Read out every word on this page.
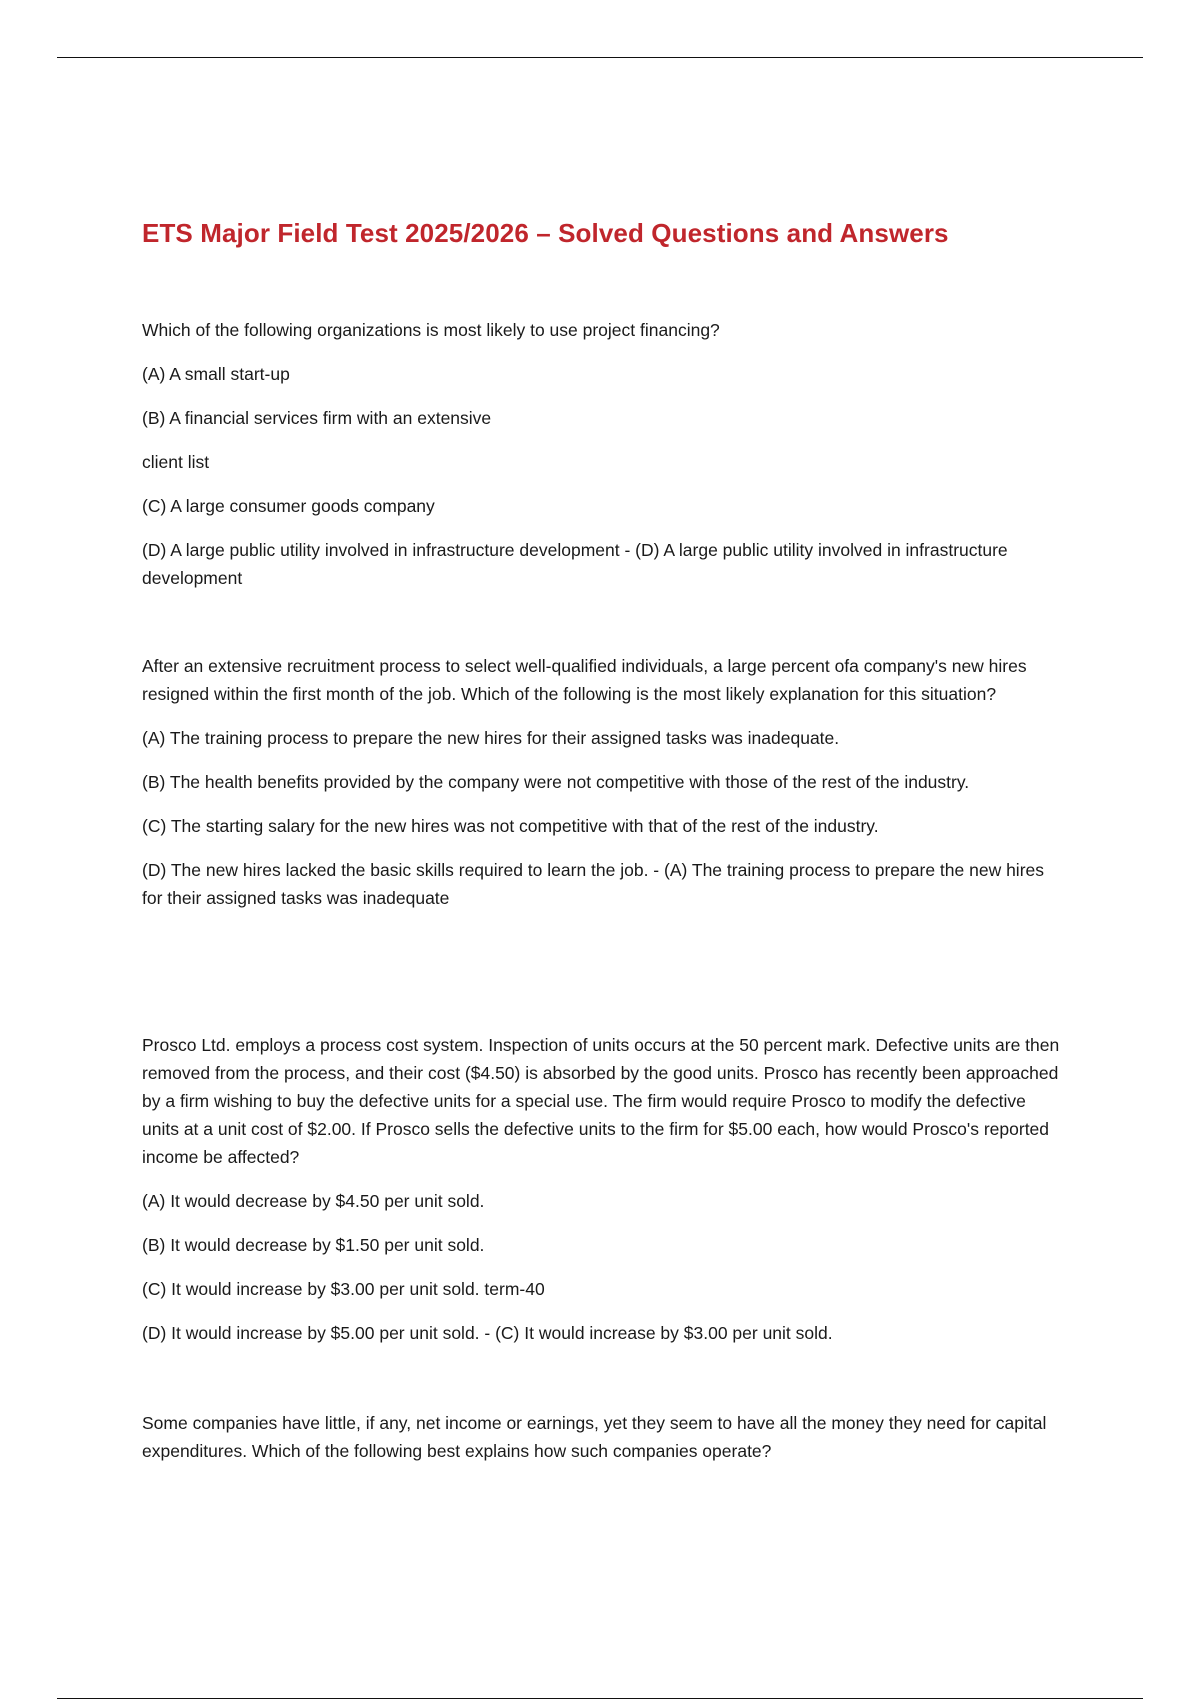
ETS Major Field Test 2025/2026 – Solved Questions and Answers

Which of the following organizations is most likely to use project financing?

(A) A small start-up

(B) A financial services firm with an extensive

client list

(C) A large consumer goods company

(D) A large public utility involved in infrastructure development - (D) A large public utility involved in infrastructure development

After an extensive recruitment process to select well-qualified individuals, a large percent ofa company's new hires resigned within the first month of the job. Which of the following is the most likely explanation for this situation?

(A) The training process to prepare the new hires for their assigned tasks was inadequate.

(B) The health benefits provided by the company were not competitive with those of the rest of the industry.

(C) The starting salary for the new hires was not competitive with that of the rest of the industry.

(D) The new hires lacked the basic skills required to learn the job. - (A) The training process to prepare the new hires for their assigned tasks was inadequate

Prosco Ltd. employs a process cost system. Inspection of units occurs at the 50 percent mark. Defective units are then removed from the process, and their cost ($4.50) is absorbed by the good units. Prosco has recently been approached by a firm wishing to buy the defective units for a special use. The firm would require Prosco to modify the defective units at a unit cost of $2.00. If Prosco sells the defective units to the firm for $5.00 each, how would Prosco's reported income be affected?

(A) It would decrease by $4.50 per unit sold.

(B) It would decrease by $1.50 per unit sold.

(C) It would increase by $3.00 per unit sold. term-40

(D) It would increase by $5.00 per unit sold. - (C) It would increase by $3.00 per unit sold.

Some companies have little, if any, net income or earnings, yet they seem to have all the money they need for capital expenditures. Which of the following best explains how such companies operate?
